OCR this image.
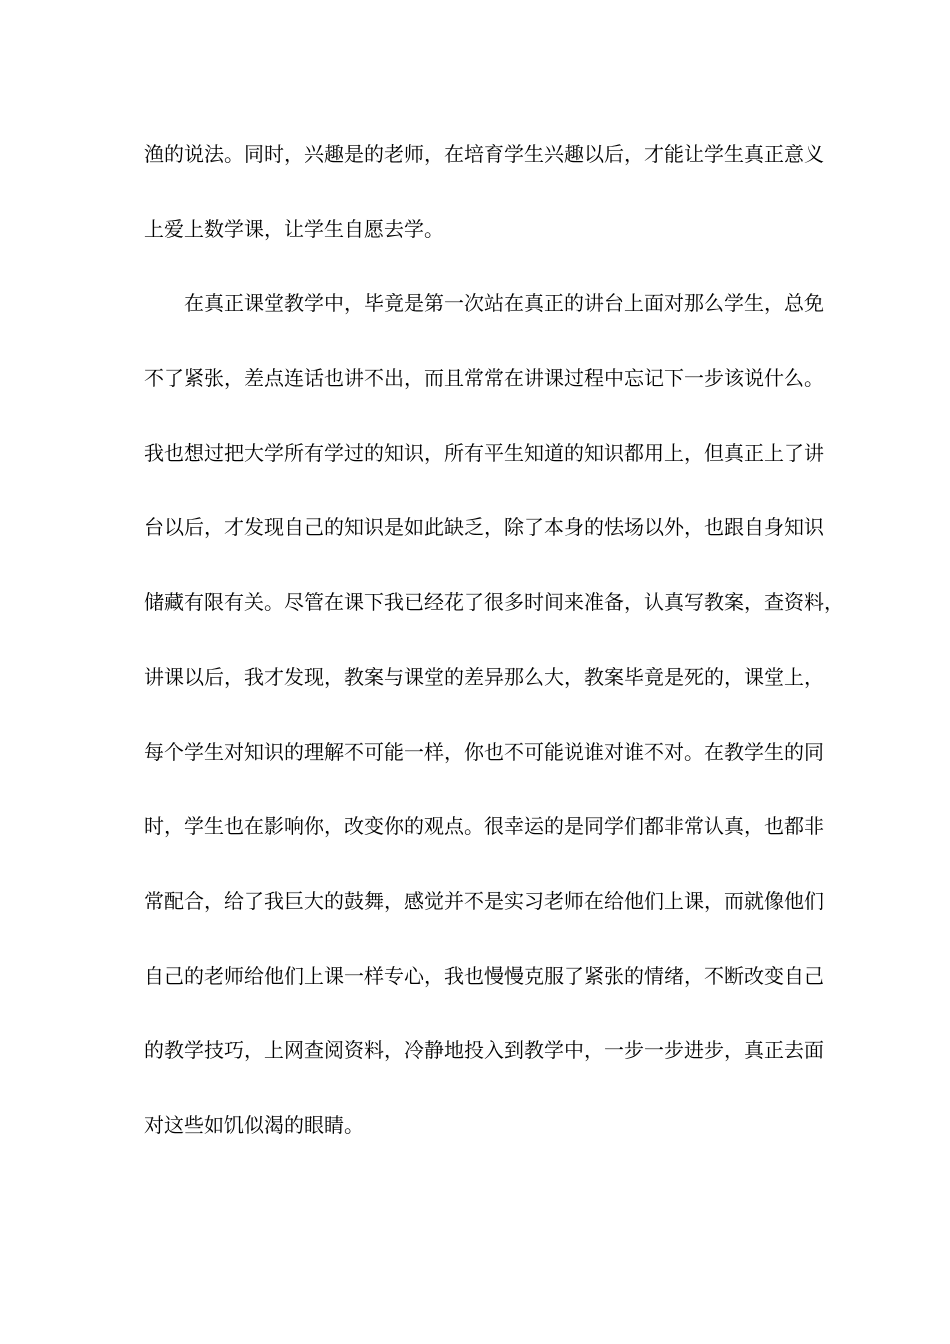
渔的说法。同时，兴趣是的老师，在培育学生兴趣以后，才能让学生真正意义
上爱上数学课，让学生自愿去学。
在真正课堂教学中，毕竟是第一次站在真正的讲台上面对那么学生，总免
不了紧张，差点连话也讲不出，而且常常在讲课过程中忘记下一步该说什么。
我也想过把大学所有学过的知识，所有平生知道的知识都用上，但真正上了讲
台以后，才发现自己的知识是如此缺乏，除了本身的怯场以外，也跟自身知识
储藏有限有关。尽管在课下我已经花了很多时间来准备，认真写教案，查资料，
讲课以后，我才发现，教案与课堂的差异那么大，教案毕竟是死的，课堂上，
每个学生对知识的理解不可能一样，你也不可能说谁对谁不对。在教学生的同
时，学生也在影响你，改变你的观点。很幸运的是同学们都非常认真，也都非
常配合，给了我巨大的鼓舞，感觉并不是实习老师在给他们上课，而就像他们
自己的老师给他们上课一样专心，我也慢慢克服了紧张的情绪，不断改变自己
的教学技巧，上网查阅资料，冷静地投入到教学中，一步一步进步，真正去面
对这些如饥似渴的眼睛。
